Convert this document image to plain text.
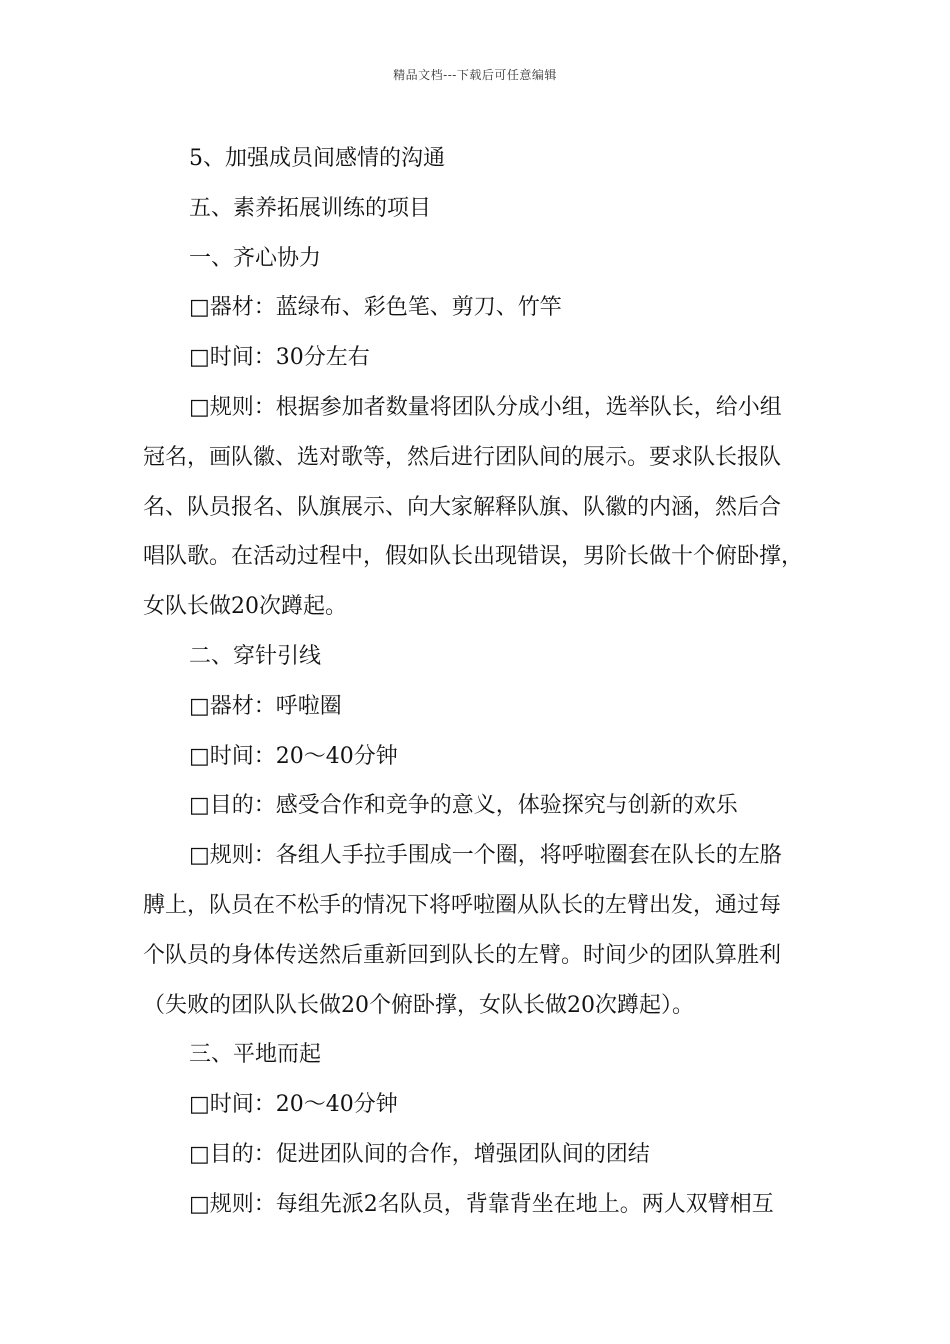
精品文档---下载后可任意编辑

5、加强成员间感情的沟通

五、素养拓展训练的项目

一、齐心协力

□器材：蓝绿布、彩色笔、剪刀、竹竿

□时间：30分左右

□规则：根据参加者数量将团队分成小组，选举队长，给小组

冠名，画队徽、选对歌等，然后进行团队间的展示。要求队长报队

名、队员报名、队旗展示、向大家解释队旗、队徽的内涵，然后合

唱队歌。在活动过程中，假如队长出现错误，男阶长做十个俯卧撑，

女队长做20次蹲起。

二、穿针引线

□器材：呼啦圈

□时间：20～40分钟

□目的：感受合作和竞争的意义，体验探究与创新的欢乐

□规则：各组人手拉手围成一个圈，将呼啦圈套在队长的左胳

膊上，队员在不松手的情况下将呼啦圈从队长的左臂出发，通过每

个队员的身体传送然后重新回到队长的左臂。时间少的团队算胜利

（失败的团队队长做20个俯卧撑，女队长做20次蹲起）。

三、平地而起

□时间：20～40分钟

□目的：促进团队间的合作，增强团队间的团结

□规则：每组先派2名队员，背靠背坐在地上。两人双臂相互
